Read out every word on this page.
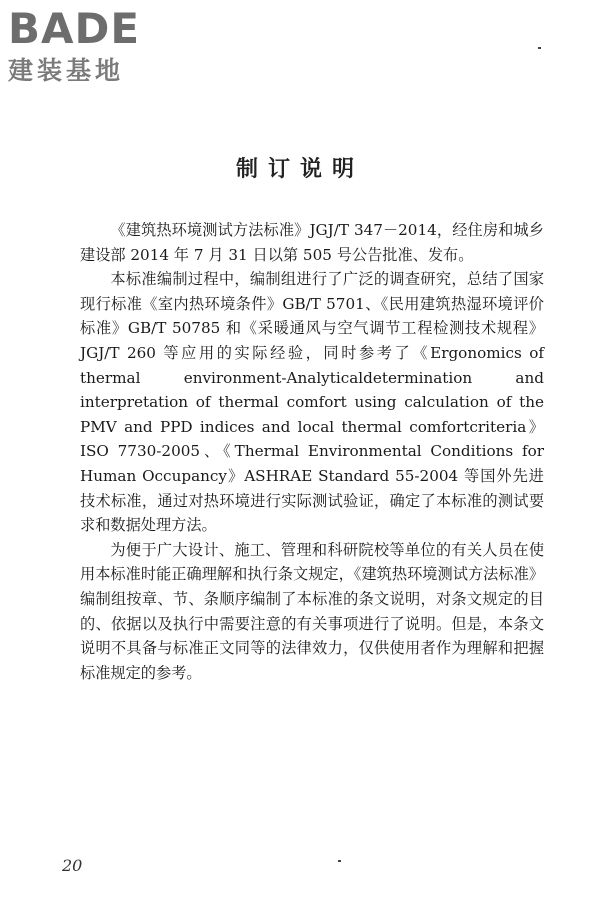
BADE
建装基地
制订说明

《建筑热环境测试方法标准》JGJ/T 347－2014，经住房和城乡建设部 2014 年 7 月 31 日以第 505 号公告批准、发布。

本标准编制过程中，编制组进行了广泛的调查研究，总结了国家现行标准《室内热环境条件》GB/T 5701、《民用建筑热湿环境评价标准》GB/T 50785 和《采暖通风与空气调节工程检测技术规程》JGJ/T 260 等应用的实际经验，同时参考了《Ergonomics of thermal environment-Analyticaldetermination and interpretation of thermal comfort using calculation of the PMV and PPD indices and local thermal comfortcriteria》ISO 7730-2005、《Thermal Environmental Conditions for Human Occupancy》ASHRAE Standard 55-2004 等国外先进技术标准，通过对热环境进行实际测试验证，确定了本标准的测试要求和数据处理方法。

为便于广大设计、施工、管理和科研院校等单位的有关人员在使用本标准时能正确理解和执行条文规定，《建筑热环境测试方法标准》编制组按章、节、条顺序编制了本标准的条文说明，对条文规定的目的、依据以及执行中需要注意的有关事项进行了说明。但是，本条文说明不具备与标准正文同等的法律效力，仅供使用者作为理解和把握标准规定的参考。

20
